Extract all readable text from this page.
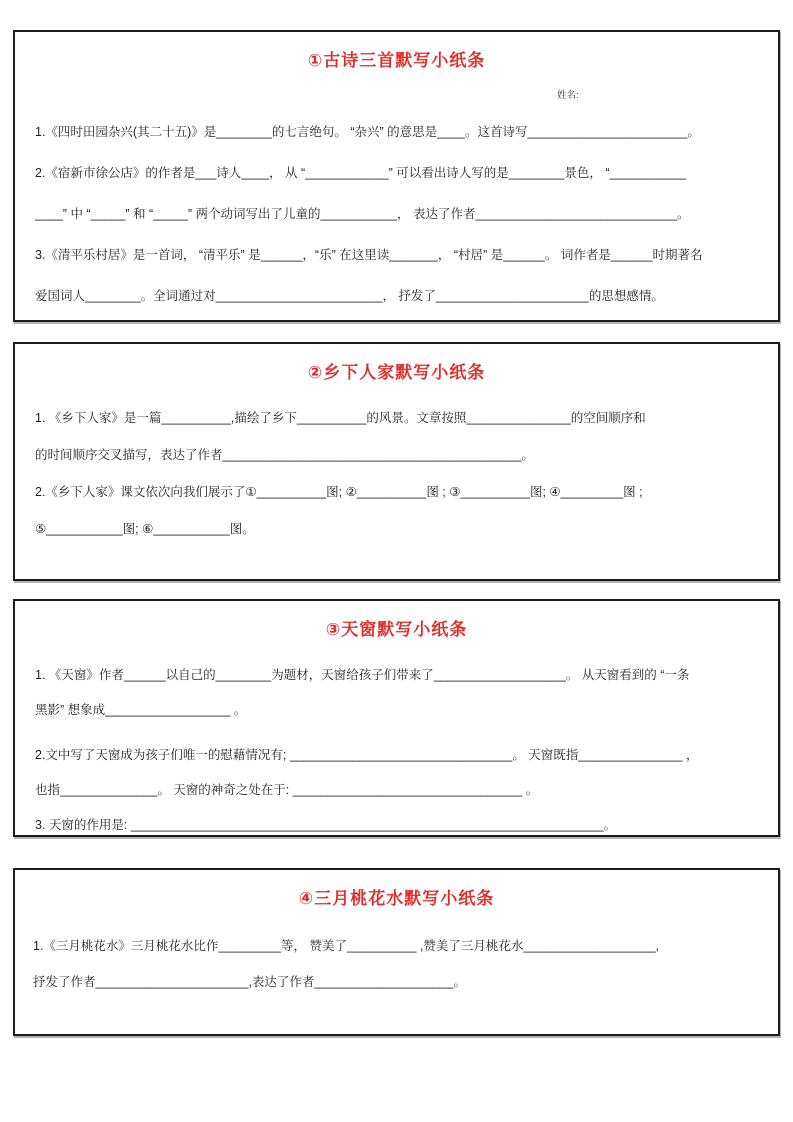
①古诗三首默写小纸条
姓名:
1.《四时田园杂兴(其二十五)》是________的七言绝句。 “杂兴” 的意思是____。这首诗写_______________________。
2.《宿新市徐公店》的作者是___诗人____， 从 “____________” 可以看出诗人写的是________景色， “___________
____” 中 “_____” 和 “_____” 两个动词写出了儿童的___________， 表达了作者_____________________________。
3.《清平乐村居》是一首词， “清平乐” 是______，“乐” 在这里读_______， “村居” 是______。 词作者是______时期著名
爱国词人________。全词通过对________________________， 抒发了______________________的思想感情。
②乡下人家默写小纸条
1. 《乡下人家》是一篇__________,描绘了乡下__________的风景。文章按照_______________的空间顺序和
的时间顺序交叉描写，表达了作者___________________________________________。
2.《乡下人家》课文依次向我们展示了①__________图; ②__________图 ; ③__________图; ④_________图 ;
⑤___________图; ⑥___________图。
③天窗默写小纸条
1. 《天窗》作者______以自己的________为题材，天窗给孩子们带来了___________________。 从天窗看到的 “一条
黑影” 想象成__________________ 。
2.文中写了天窗成为孩子们唯一的慰藉情况有; ________________________________。 天窗既指_______________ ，
也指______________。 天窗的神奇之处在于: _________________________________ 。
3. 天窗的作用是: ____________________________________________________________________。
④三月桃花水默写小纸条
1.《三月桃花水》三月桃花水比作_________等， 赞美了__________ ,赞美了三月桃花水___________________,
抒发了作者______________________,表达了作者____________________。
